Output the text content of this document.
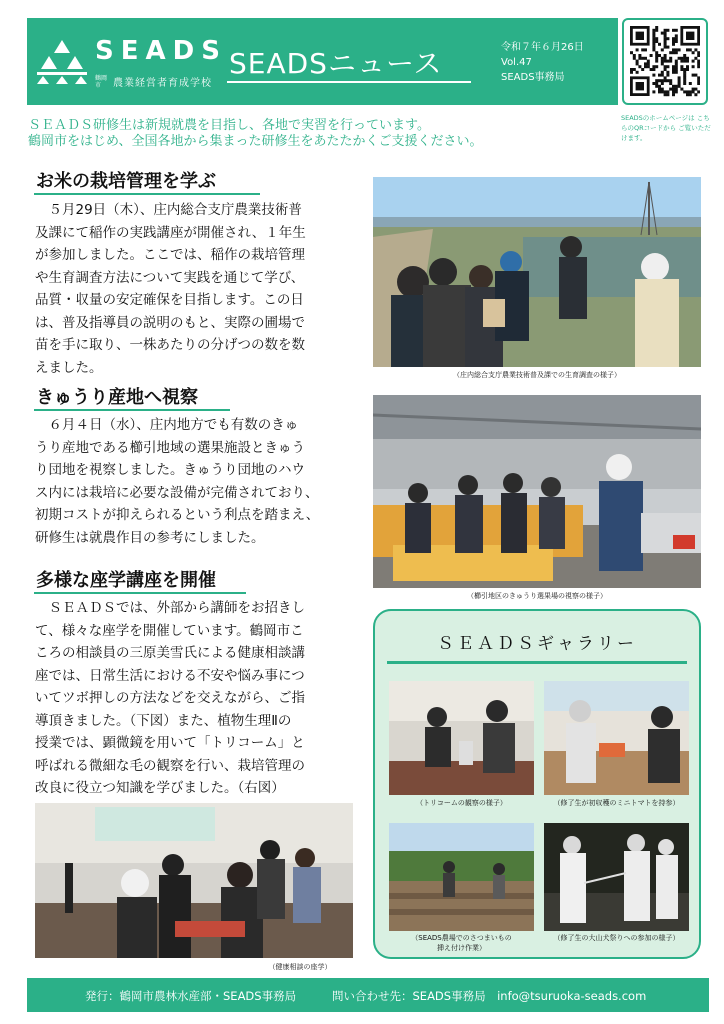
SEADS
鶴岡市	農業経営者育成学校
SEADSニュース	令和７年６月26日
Vol.47
SEADS事務局
SEADSのホームページは こちらのQRコードから ご覧いただけます。
ＳＥＡＤＳ研修生は新規就農を目指し、各地で実習を行っています。
鶴岡市をはじめ、全国各地から集まった研修生をあたたかくご支援ください。
お米の栽培管理を学ぶ
　５月29日（木）、庄内総合支庁農業技術普
及課にて稲作の実践講座が開催され、１年生
が参加しました。ここでは、稲作の栽培管理
や生育調査方法について実践を通じて学び、
品質・収量の安定確保を目指します。この日
は、普及指導員の説明のもと、実際の圃場で
苗を手に取り、一株あたりの分げつの数を数
えました。
きゅうり産地へ視察
　６月４日（水）、庄内地方でも有数のきゅ
うり産地である櫛引地域の選果施設ときゅう
り団地を視察しました。きゅうり団地のハウ
ス内には栽培に必要な設備が完備されており、
初期コストが抑えられるという利点を踏まえ、
研修生は就農作目の参考にしました。
多様な座学講座を開催
　ＳＥＡＤＳでは、外部から講師をお招きし
て、様々な座学を開催しています。鶴岡市こ
ころの相談員の三原美雪氏による健康相談講
座では、日常生活における不安や悩み事につ
いてツボ押しの方法などを交えながら、ご指
導頂きました。（下図）また、植物生理Ⅱの
授業では、顕微鏡を用いて「トリコーム」と
呼ばれる微細な毛の観察を行い、栽培管理の
改良に役立つ知識を学びました。（右図）
（庄内総合支庁農業技術普及課での生育調査の様子）
（櫛引地区のきゅうり選果場の視察の様子）
（健康相談の座学）
ＳＥＡＤＳギャラリー
（トリコームの観察の様子）	（修了生が初収穫のミニトマトを持参）
（SEADS農場でのさつまいもの
挿え付け作業）
（修了生の大山犬祭りへの参加の様子）
発行：鶴岡市農林水産部・SEADS事務局	問い合わせ先：SEADS事務局　info@tsuruoka-seads.com
